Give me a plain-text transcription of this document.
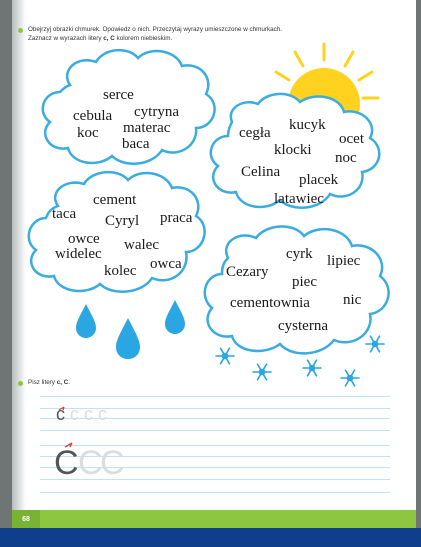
Obejrzyj obrazki chmurek. Opowiedz o nich. Przeczytaj wyrazy umieszczone w chmurkach.
Zaznacz w wyrazach litery c, C kolorem niebieskim.
serce
cebula cytryna
koc materac
baca
kucyk
cegła	ocet
klocki noc
Celina placek
latawiec
cement
taca Cyryl praca
owce walec
widelec
owca
kolec
cyrk lipiec
Cezary
piec
cementownia nic
cysterna
Pisz litery c, C.
c c c c
C C
C
68
